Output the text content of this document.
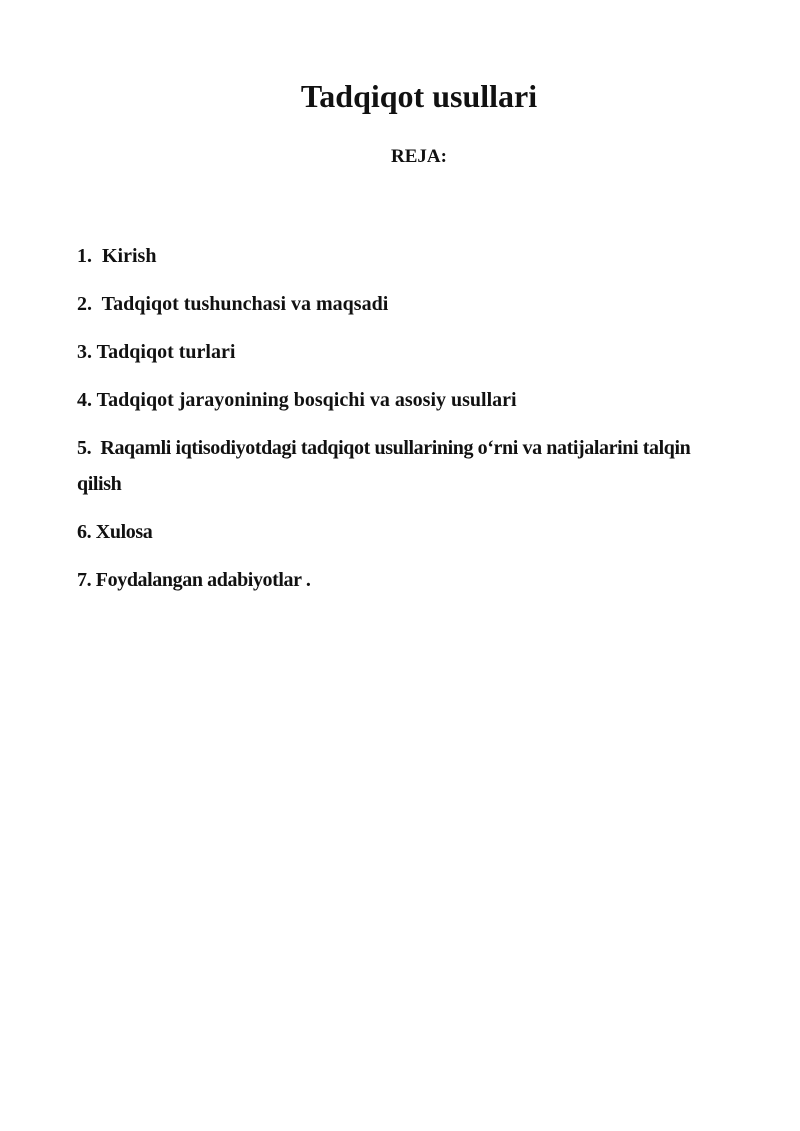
Tadqiqot usullari
REJA:
1.  Kirish
2.  Tadqiqot tushunchasi va maqsadi
3. Tadqiqot turlari
4. Tadqiqot jarayonining bosqichi va asosiy usullari
5.  Raqamli iqtisodiyotdagi tadqiqot usullarining o‘rni va natijalarini talqin qilish
6. Xulosa
7. Foydalangan adabiyotlar .
